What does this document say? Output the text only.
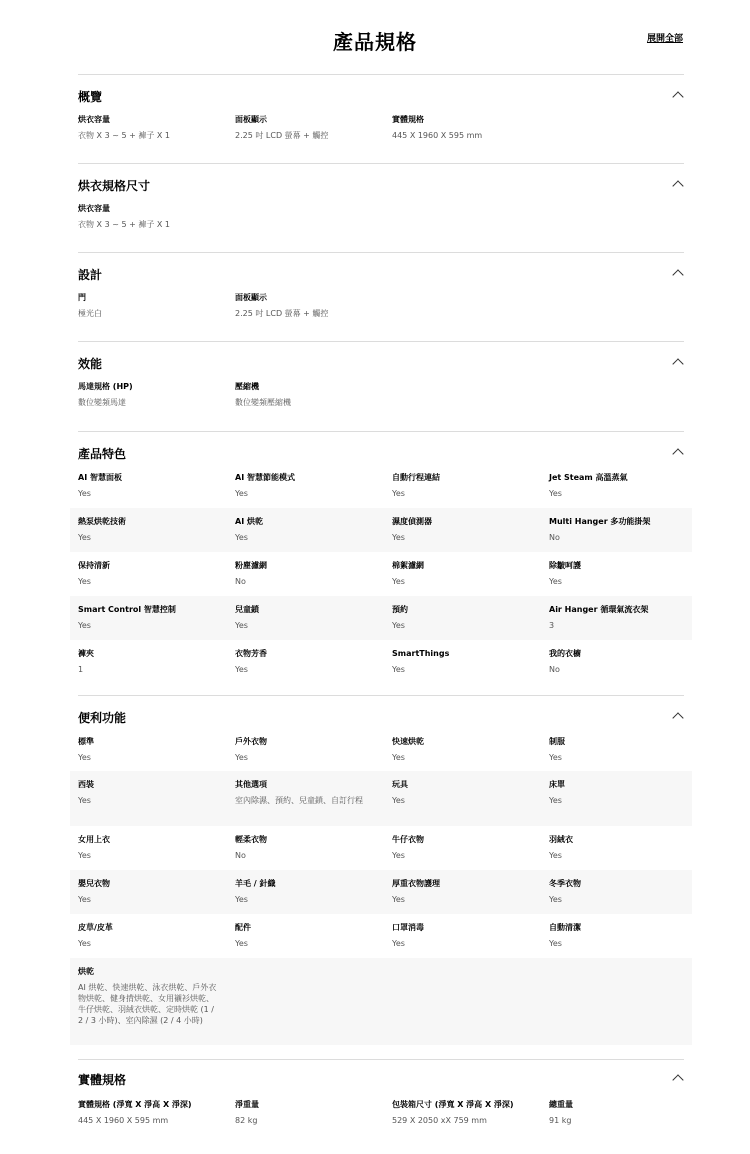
產品規格	展開全部
概覽
烘衣容量
衣物 X 3 ~ 5 + 褲子 X 1
面板顯示
2.25 吋 LCD 螢幕 + 觸控
實體規格
445 X 1960 X 595 mm
烘衣規格尺寸
烘衣容量
衣物 X 3 ~ 5 + 褲子 X 1
設計
門
極光白
面板顯示
2.25 吋 LCD 螢幕 + 觸控
效能
馬達規格 (HP)
數位變頻馬達
壓縮機
數位變頻壓縮機
產品特色
AI 智慧面板
Yes
AI 智慧節能模式
Yes
自動行程連結
Yes
Jet Steam 高溫蒸氣
Yes
熱泵烘乾技術
Yes
AI 烘乾
Yes
濕度偵測器
Yes
Multi Hanger 多功能掛架
No
保持清新
Yes
粉塵濾網
No
棉絮濾網
Yes
除皺呵護
Yes
Smart Control 智慧控制
Yes
兒童鎖
Yes
預約
Yes
Air Hanger 循環氣流衣架
3
褲夾
1
衣物芳香
Yes
SmartThings
Yes
我的衣櫥
No
便利功能
標準
Yes
戶外衣物
Yes
快速烘乾
Yes
制服
Yes
西裝
Yes
其他選項
室內除濕、預約、兒童鎖、自訂行程
玩具
Yes
床單
Yes
女用上衣
Yes
輕柔衣物
No
牛仔衣物
Yes
羽絨衣
Yes
嬰兒衣物
Yes
羊毛 / 針織
Yes
厚重衣物護理
Yes
冬季衣物
Yes
皮草/皮革
Yes
配件
Yes
口罩消毒
Yes
自動清潔
Yes
烘乾
AI 烘乾、快速烘乾、泳衣烘乾、戶外衣物烘乾、健身揹烘乾、女用襯衫烘乾、牛仔烘乾、羽絨衣烘乾、定時烘乾 (1 / 2 / 3 小時)、室內除濕 (2 / 4 小時)
實體規格
實體規格 (淨寬 X 淨高 X 淨深)
445 X 1960 X 595 mm
淨重量
82 kg
包裝箱尺寸 (淨寬 X 淨高 X 淨深)
529 X 2050 xX 759 mm
總重量
91 kg
